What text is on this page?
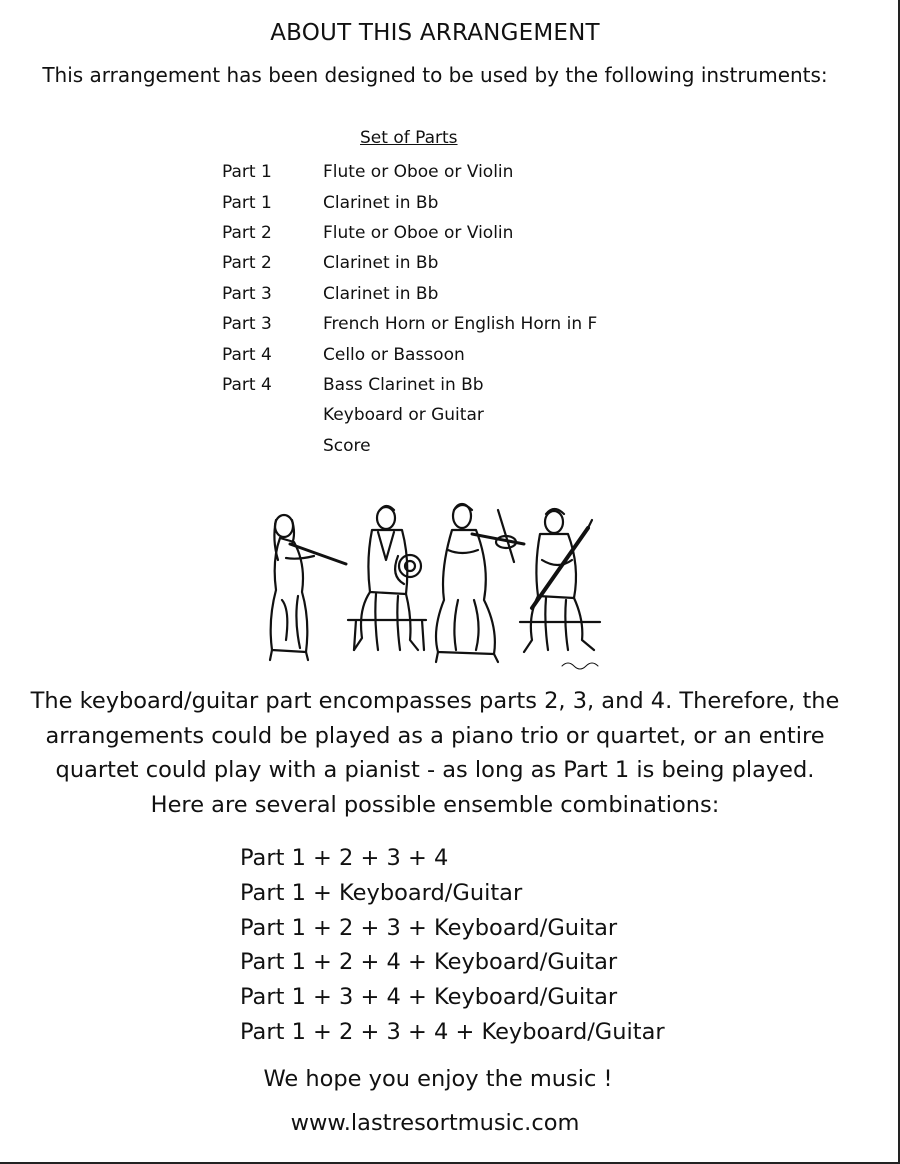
ABOUT THIS ARRANGEMENT
This arrangement has been designed to be used by the following instruments:
Set of Parts
Part 1	Flute or Oboe or Violin
Part 1	Clarinet in Bb
Part 2	Flute or Oboe or Violin
Part 2	Clarinet in Bb
Part 3	Clarinet in Bb
Part 3	French Horn or English Horn in F
Part 4	Cello or Bassoon
Part 4	Bass Clarinet in Bb
Keyboard or Guitar
Score
The keyboard/guitar part encompasses parts 2, 3, and 4. Therefore, the
arrangements could be played as a piano trio or quartet, or an entire
quartet could play with a pianist - as long as Part 1 is being played.
Here are several possible ensemble combinations:
Part 1 + 2 + 3 + 4
Part 1 + Keyboard/Guitar
Part 1 + 2 + 3 + Keyboard/Guitar
Part 1 + 2 + 4 + Keyboard/Guitar
Part 1 + 3 + 4 + Keyboard/Guitar
Part 1 + 2 + 3 + 4 + Keyboard/Guitar
We hope you enjoy the music !
www.lastresortmusic.com
